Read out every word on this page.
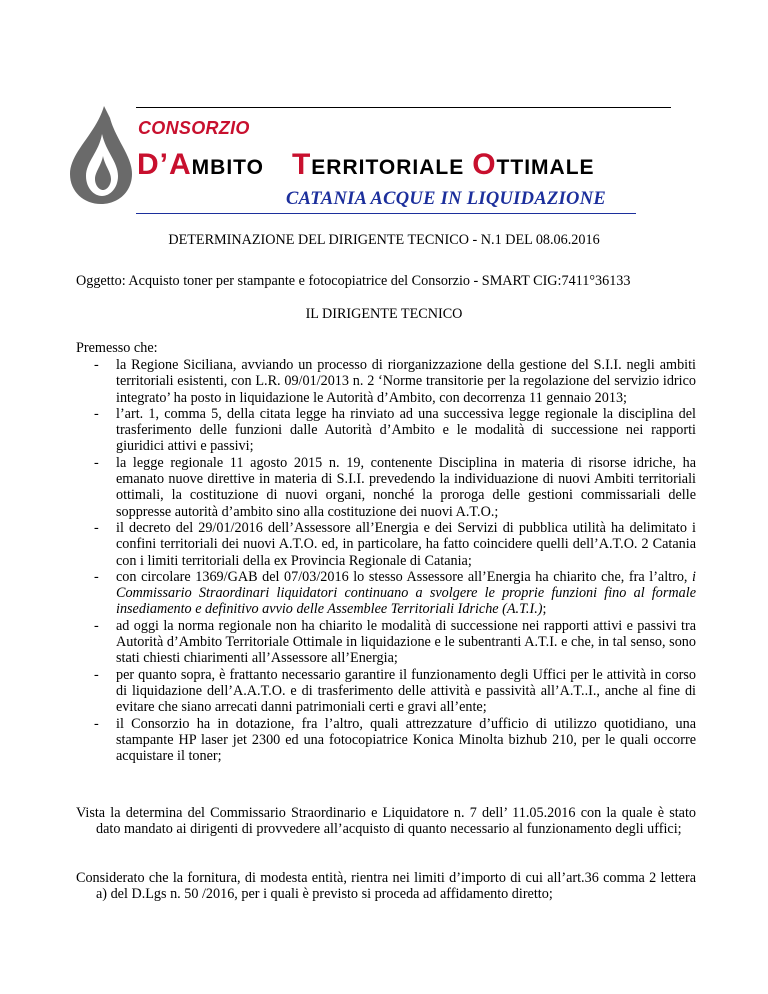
CONSORZIO
D’AMBITO TERRITORIALE OTTIMALE
CATANIA ACQUE IN LIQUIDAZIONE
DETERMINAZIONE DEL DIRIGENTE TECNICO - N.1 DEL 08.06.2016
Oggetto: Acquisto toner per stampante e fotocopiatrice del Consorzio - SMART CIG:7411°36133
IL DIRIGENTE TECNICO
Premesso che:
- la Regione Siciliana, avviando un processo di riorganizzazione della gestione del S.I.I. negli ambiti territoriali esistenti, con L.R. 09/01/2013 n. 2 ‘Norme transitorie per la regolazione del servizio idrico integrato’ ha posto in liquidazione le Autorità d’Ambito, con decorrenza 11 gennaio 2013;
- l’art. 1, comma 5, della citata legge ha rinviato ad una successiva legge regionale la disciplina del trasferimento delle funzioni dalle Autorità d’Ambito e le modalità di successione nei rapporti giuridici attivi e passivi;
- la legge regionale 11 agosto 2015 n. 19, contenente Disciplina in materia di risorse idriche, ha emanato nuove direttive in materia di S.I.I. prevedendo la individuazione di nuovi Ambiti territoriali ottimali, la costituzione di nuovi organi, nonché la proroga delle gestioni commissariali delle soppresse autorità d’ambito sino alla costituzione dei nuovi A.T.O.;
- il decreto del 29/01/2016 dell’Assessore all’Energia e dei Servizi di pubblica utilità ha delimitato i confini territoriali dei nuovi A.T.O. ed, in particolare, ha fatto coincidere quelli dell’A.T.O. 2 Catania con i limiti territoriali della ex Provincia Regionale di Catania;
- con circolare 1369/GAB del 07/03/2016 lo stesso Assessore all’Energia ha chiarito che, fra l’altro, i Commissario Straordinari liquidatori continuano a svolgere le proprie funzioni fino al formale insediamento e definitivo avvio delle Assemblee Territoriali Idriche (A.T.I.);
- ad oggi la norma regionale non ha chiarito le modalità di successione nei rapporti attivi e passivi tra Autorità d’Ambito Territoriale Ottimale in liquidazione e le subentranti A.T.I. e che, in tal senso, sono stati chiesti chiarimenti all’Assessore all’Energia;
- per quanto sopra, è frattanto necessario garantire il funzionamento degli Uffici per le attività in corso di liquidazione dell’A.A.T.O. e di trasferimento delle attività e passività all’A.T..I., anche al fine di evitare che siano arrecati danni patrimoniali certi e gravi all’ente;
- il Consorzio ha in dotazione, fra l’altro, quali attrezzature d’ufficio di utilizzo quotidiano, una stampante HP laser jet 2300 ed una fotocopiatrice Konica Minolta bizhub 210, per le quali occorre acquistare il toner;
Vista la determina del Commissario Straordinario e Liquidatore n. 7 dell’ 11.05.2016 con la quale è stato dato mandato ai dirigenti di provvedere all’acquisto di quanto necessario al funzionamento degli uffici;
Considerato che la fornitura, di modesta entità, rientra nei limiti d’importo di cui all’art.36 comma 2 lettera a) del D.Lgs n. 50 /2016, per i quali è previsto si proceda ad affidamento diretto;
